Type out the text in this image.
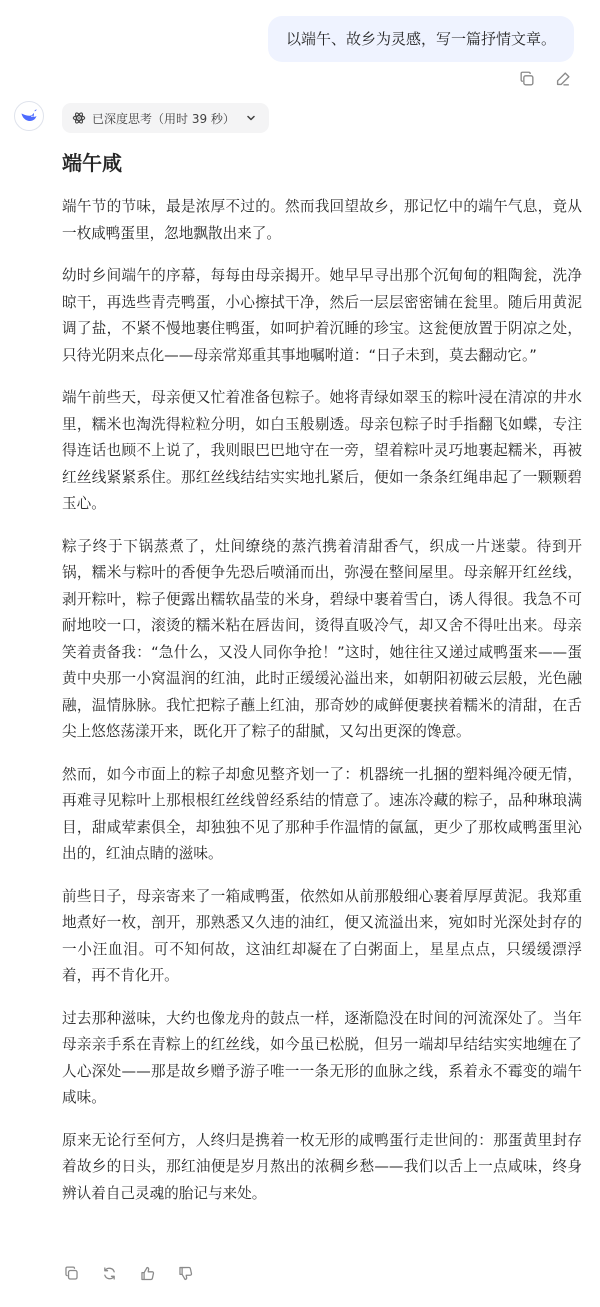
以端午、故乡为灵感，写一篇抒情文章。
已深度思考（用时 39 秒）
端午咸

端午节的节味，最是浓厚不过的。然而我回望故乡，那记忆中的端午气息，竟从一枚咸鸭蛋里，忽地飘散出来了。

幼时乡间端午的序幕，每每由母亲揭开。她早早寻出那个沉甸甸的粗陶瓮，洗净晾干，再选些青壳鸭蛋，小心擦拭干净，然后一层层密密铺在瓮里。随后用黄泥调了盐，不紧不慢地裹住鸭蛋，如呵护着沉睡的珍宝。这瓮便放置于阴凉之处，只待光阴来点化——母亲常郑重其事地嘱咐道：“日子未到，莫去翻动它。”

端午前些天，母亲便又忙着准备包粽子。她将青绿如翠玉的粽叶浸在清凉的井水里，糯米也淘洗得粒粒分明，如白玉般剔透。母亲包粽子时手指翻飞如蝶，专注得连话也顾不上说了，我则眼巴巴地守在一旁，望着粽叶灵巧地裹起糯米，再被红丝线紧紧系住。那红丝线结结实实地扎紧后，便如一条条红绳串起了一颗颗碧玉心。

粽子终于下锅蒸煮了，灶间缭绕的蒸汽携着清甜香气，织成一片迷蒙。待到开锅，糯米与粽叶的香便争先恐后喷涌而出，弥漫在整间屋里。母亲解开红丝线，剥开粽叶，粽子便露出糯软晶莹的米身，碧绿中裹着雪白，诱人得很。我急不可耐地咬一口，滚烫的糯米粘在唇齿间，烫得直吸冷气，却又舍不得吐出来。母亲笑着责备我：“急什么，又没人同你争抢！”这时，她往往又递过咸鸭蛋来——蛋黄中央那一小窝温润的红油，此时正缓缓沁溢出来，如朝阳初破云层般，光色融融，温情脉脉。我忙把粽子蘸上红油，那奇妙的咸鲜便裹挟着糯米的清甜，在舌尖上悠悠荡漾开来，既化开了粽子的甜腻，又勾出更深的馋意。

然而，如今市面上的粽子却愈见整齐划一了：机器统一扎捆的塑料绳冷硬无情，再难寻见粽叶上那根根红丝线曾经系结的情意了。速冻冷藏的粽子，品种琳琅满目，甜咸荤素俱全，却独独不见了那种手作温情的氤氲，更少了那枚咸鸭蛋里沁出的，红油点睛的滋味。

前些日子，母亲寄来了一箱咸鸭蛋，依然如从前那般细心裹着厚厚黄泥。我郑重地煮好一枚，剖开，那熟悉又久违的油红，便又流溢出来，宛如时光深处封存的一小汪血泪。可不知何故，这油红却凝在了白粥面上，星星点点，只缓缓漂浮着，再不肯化开。

过去那种滋味，大约也像龙舟的鼓点一样，逐渐隐没在时间的河流深处了。当年母亲亲手系在青粽上的红丝线，如今虽已松脱，但另一端却早结结实实地缠在了人心深处——那是故乡赠予游子唯一一条无形的血脉之线，系着永不霉变的端午咸味。

原来无论行至何方，人终归是携着一枚无形的咸鸭蛋行走世间的：那蛋黄里封存着故乡的日头，那红油便是岁月熬出的浓稠乡愁——我们以舌上一点咸味，终身辨认着自己灵魂的胎记与来处。
